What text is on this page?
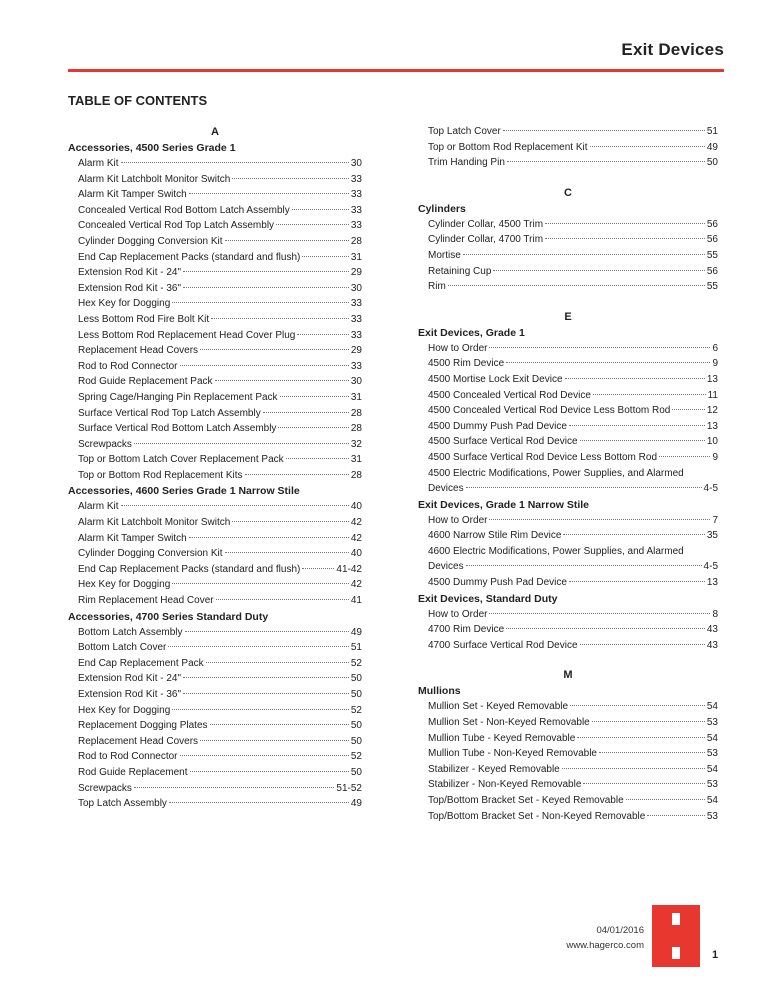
Exit Devices
TABLE OF CONTENTS
A
Accessories, 4500 Series Grade 1
Alarm Kit	30
Alarm Kit Latchbolt Monitor Switch	33
Alarm Kit Tamper Switch	33
Concealed Vertical Rod Bottom Latch Assembly	33
Concealed Vertical Rod Top Latch Assembly	33
Cylinder Dogging Conversion Kit	28
End Cap Replacement Packs (standard and flush)	31
Extension Rod Kit - 24"	29
Extension Rod Kit - 36"	30
Hex Key for Dogging	33
Less Bottom Rod Fire Bolt Kit	33
Less Bottom Rod Replacement Head Cover Plug	33
Replacement Head Covers	29
Rod to Rod Connector	33
Rod Guide Replacement Pack	30
Spring Cage/Hanging Pin Replacement Pack	31
Surface Vertical Rod Top Latch Assembly	28
Surface Vertical Rod Bottom Latch Assembly	28
Screwpacks	32
Top or Bottom Latch Cover Replacement Pack	31
Top or Bottom Rod Replacement Kits	28
Accessories, 4600 Series Grade 1 Narrow Stile
Alarm Kit	40
Alarm Kit Latchbolt Monitor Switch	42
Alarm Kit Tamper Switch	42
Cylinder Dogging Conversion Kit	40
End Cap Replacement Packs (standard and flush)	41-42
Hex Key for Dogging	42
Rim Replacement Head Cover	41
Accessories, 4700 Series Standard Duty
Bottom Latch Assembly	49
Bottom Latch Cover	51
End Cap Replacement Pack	52
Extension Rod Kit - 24"	50
Extension Rod Kit - 36"	50
Hex Key for Dogging	52
Replacement Dogging Plates	50
Replacement Head Covers	50
Rod to Rod Connector	52
Rod Guide Replacement	50
Screwpacks	51-52
Top Latch Assembly	49
Top Latch Cover	51
Top or Bottom Rod Replacement Kit	49
Trim Handing Pin	50
C
Cylinders
Cylinder Collar, 4500 Trim	56
Cylinder Collar, 4700 Trim	56
Mortise	55
Retaining Cup	56
Rim	55
E
Exit Devices, Grade 1
How to Order	6
4500 Rim Device	9
4500 Mortise Lock Exit Device	13
4500 Concealed Vertical Rod Device	11
4500 Concealed Vertical Rod Device Less Bottom Rod	12
4500 Dummy Push Pad Device	13
4500 Surface Vertical Rod Device	10
4500 Surface Vertical Rod Device Less Bottom Rod	9
4500 Electric Modifications, Power Supplies, and Alarmed
Devices	4-5
Exit Devices, Grade 1 Narrow Stile
How to Order	7
4600 Narrow Stile Rim Device	35
4600 Electric Modifications, Power Supplies, and Alarmed
Devices	4-5
4500 Dummy Push Pad Device	13
Exit Devices, Standard Duty
How to Order	8
4700 Rim Device	43
4700 Surface Vertical Rod Device	43
M
Mullions
Mullion Set - Keyed Removable	54
Mullion Set - Non-Keyed Removable	53
Mullion Tube - Keyed Removable	54
Mullion Tube - Non-Keyed Removable	53
Stabilizer - Keyed Removable	54
Stabilizer - Non-Keyed Removable	53
Top/Bottom Bracket Set - Keyed Removable	54
Top/Bottom Bracket Set - Non-Keyed Removable	53
04/01/2016
www.hagerco.com
1
